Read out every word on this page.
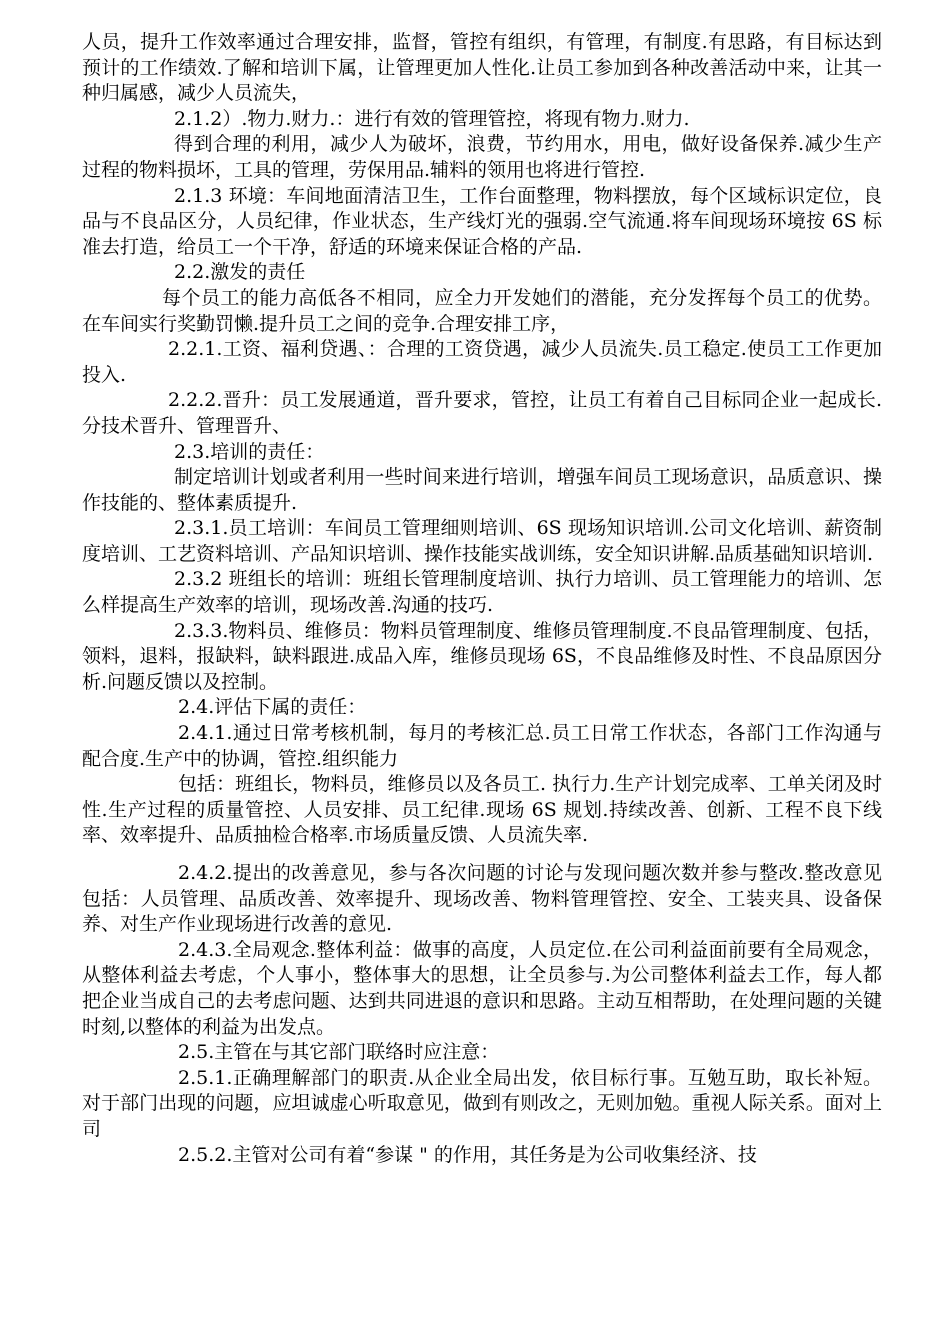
人员，提升工作效率通过合理安排，监督，管控有组织，有管理，有制度.有思路，有目标达到预计的工作绩效.了解和培训下属，让管理更加人性化.让员工参加到各种改善活动中来，让其一种归属感，减少人员流失，

2.1.2）.物力.财力.：进行有效的管理管控，将现有物力.财力.

得到合理的利用，减少人为破坏，浪费，节约用水，用电，做好设备保养.减少生产过程的物料损坏，工具的管理，劳保用品.辅料的领用也将进行管控.

2.1.3 环境：车间地面清洁卫生，工作台面整理，物料摆放，每个区域标识定位，良品与不良品区分，人员纪律，作业状态，生产线灯光的强弱.空气流通.将车间现场环境按 6S 标准去打造，给员工一个干净，舒适的环境来保证合格的产品.

2.2.激发的责任

每个员工的能力高低各不相同，应全力开发她们的潜能，充分发挥每个员工的优势。在车间实行奖勤罚懒.提升员工之间的竞争.合理安排工序，

2.2.1.工资、福利贷遇、：合理的工资贷遇，减少人员流失.员工稳定.使员工工作更加投入.

2.2.2.晋升：员工发展通道，晋升要求，管控，让员工有着自己目标同企业一起成长.　分技术晋升、管理晋升、

2.3.培训的责任：

制定培训计划或者利用一些时间来进行培训，增强车间员工现场意识，品质意识、操作技能的、整体素质提升.

2.3.1.员工培训：车间员工管理细则培训、6S 现场知识培训.公司文化培训、薪资制度培训、工艺资料培训、产品知识培训、操作技能实战训练，安全知识讲解.品质基础知识培训.

2.3.2 班组长的培训：班组长管理制度培训、执行力培训、员工管理能力的培训、怎么样提高生产效率的培训，现场改善.沟通的技巧.

2.3.3.物料员、维修员：物料员管理制度、维修员管理制度.不良品管理制度、包括，领料，退料，报缺料，缺料跟进.成品入库，维修员现场 6S，不良品维修及时性、不良品原因分析.问题反馈以及控制。

2.4.评估下属的责任：

2.4.1.通过日常考核机制，每月的考核汇总.员工日常工作状态，各部门工作沟通与配合度.生产中的协调，管控.组织能力

包括：班组长，物料员，维修员以及各员工. 执行力.生产计划完成率、工单关闭及时性.生产过程的质量管控、人员安排、员工纪律.现场 6S 规划.持续改善、创新、工程不良下线率、效率提升、品质抽检合格率.市场质量反馈、人员流失率.

2.4.2.提出的改善意见，参与各次问题的讨论与发现问题次数并参与整改.整改意见包括：人员管理、品质改善、效率提升、现场改善、物料管理管控、安全、工装夹具、设备保养、对生产作业现场进行改善的意见.

2.4.3.全局观念.整体利益：做事的高度，人员定位.在公司利益面前要有全局观念，从整体利益去考虑，个人事小，整体事大的思想，让全员参与.为公司整体利益去工作，每人都把企业当成自己的去考虑问题、达到共同进退的意识和思路。主动互相帮助，在处理问题的关键时刻,以整体的利益为出发点。

2.5.主管在与其它部门联络时应注意：

2.5.1.正确理解部门的职责.从企业全局出发，依目标行事。互勉互助，取长补短。对于部门出现的问题，应坦诚虚心听取意见，做到有则改之，无则加勉。重视人际关系。面对上司

2.5.2.主管对公司有着“参谋 " 的作用，其任务是为公司收集经济、技
